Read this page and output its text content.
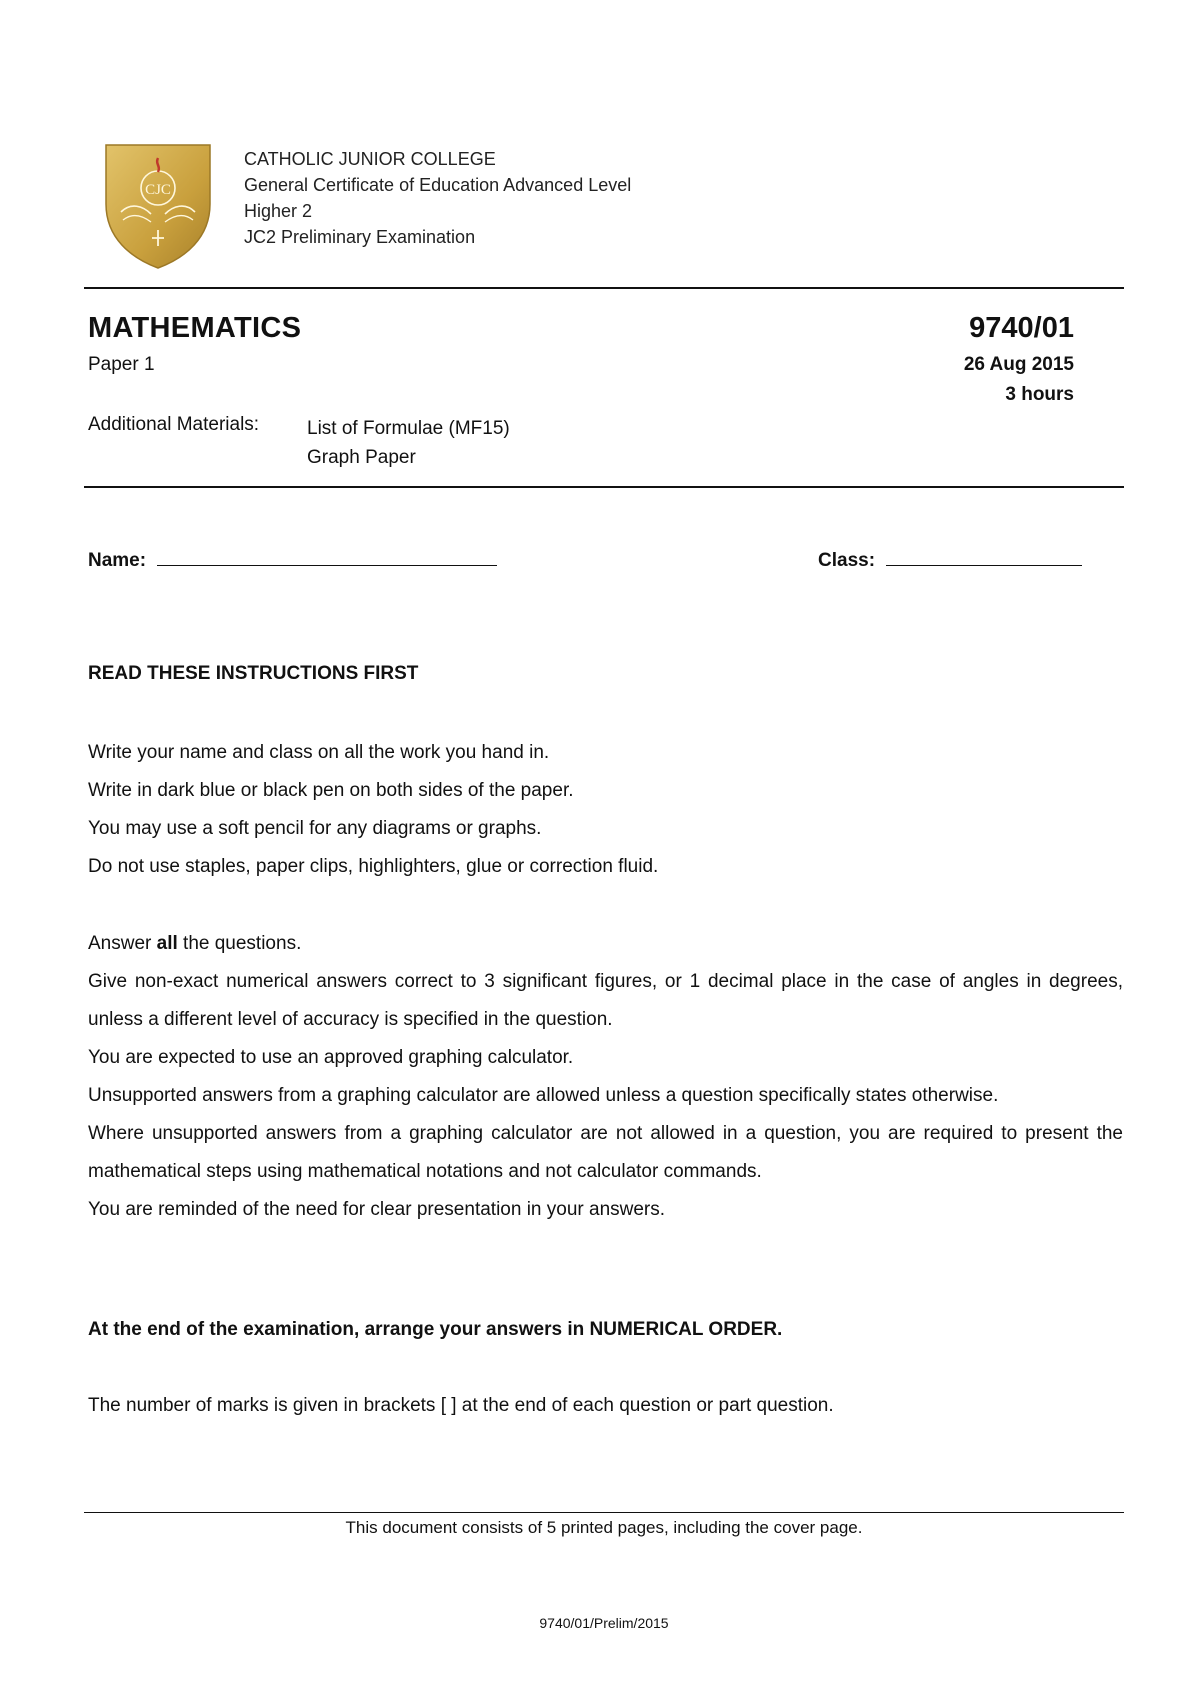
CJC
CATHOLIC JUNIOR COLLEGE
General Certificate of Education Advanced Level
Higher 2
JC2 Preliminary Examination
MATHEMATICS	9740/01
Paper 1	26 Aug 2015
3 hours
Additional Materials:	List of Formulae (MF15)
Graph Paper
Name:	Class:
READ THESE INSTRUCTIONS FIRST
Write your name and class on all the work you hand in.
Write in dark blue or black pen on both sides of the paper.
You may use a soft pencil for any diagrams or graphs.
Do not use staples, paper clips, highlighters, glue or correction fluid.
Answer all the questions.
Give non-exact numerical answers correct to 3 significant figures, or 1 decimal place in the case of angles in degrees, unless a different level of accuracy is specified in the question.
You are expected to use an approved graphing calculator.
Unsupported answers from a graphing calculator are allowed unless a question specifically states otherwise.
Where unsupported answers from a graphing calculator are not allowed in a question, you are required to present the mathematical steps using mathematical notations and not calculator commands.
You are reminded of the need for clear presentation in your answers.
At the end of the examination, arrange your answers in NUMERICAL ORDER.
The number of marks is given in brackets [ ] at the end of each question or part question.
This document consists of 5 printed pages, including the cover page.
9740/01/Prelim/2015
